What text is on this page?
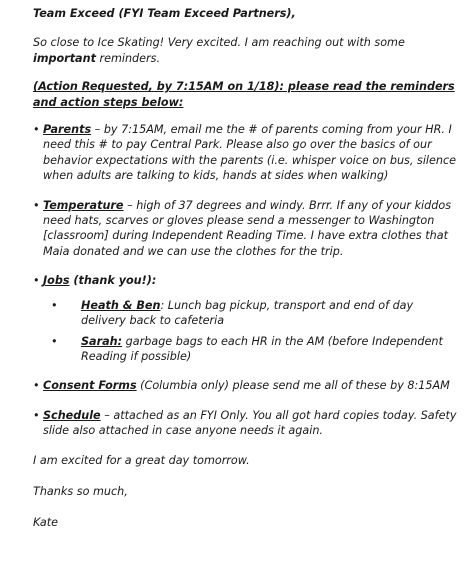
Team Exceed (FYI Team Exceed Partners),

So close to Ice Skating! Very excited. I am reaching out with some important reminders.

(Action Requested, by 7:15AM on 1/18): please read the reminders and action steps below:

• Parents – by 7:15AM, email me the # of parents coming from your HR. I need this # to pay Central Park. Please also go over the basics of our behavior expectations with the parents (i.e. whisper voice on bus, silence when adults are talking to kids, hands at sides when walking)
• Temperature – high of 37 degrees and windy. Brrr. If any of your kiddos need hats, scarves or gloves please send a messenger to Washington [classroom] during Independent Reading Time. I have extra clothes that Maia donated and we can use the clothes for the trip.
• Jobs (thank you!):
• Heath & Ben: Lunch bag pickup, transport and end of day delivery back to cafeteria
• Sarah: garbage bags to each HR in the AM (before Independent Reading if possible)
• Consent Forms (Columbia only) please send me all of these by 8:15AM
• Schedule – attached as an FYI Only. You all got hard copies today. Safety slide also attached in case anyone needs it again.

I am excited for a great day tomorrow.

Thanks so much,

Kate
